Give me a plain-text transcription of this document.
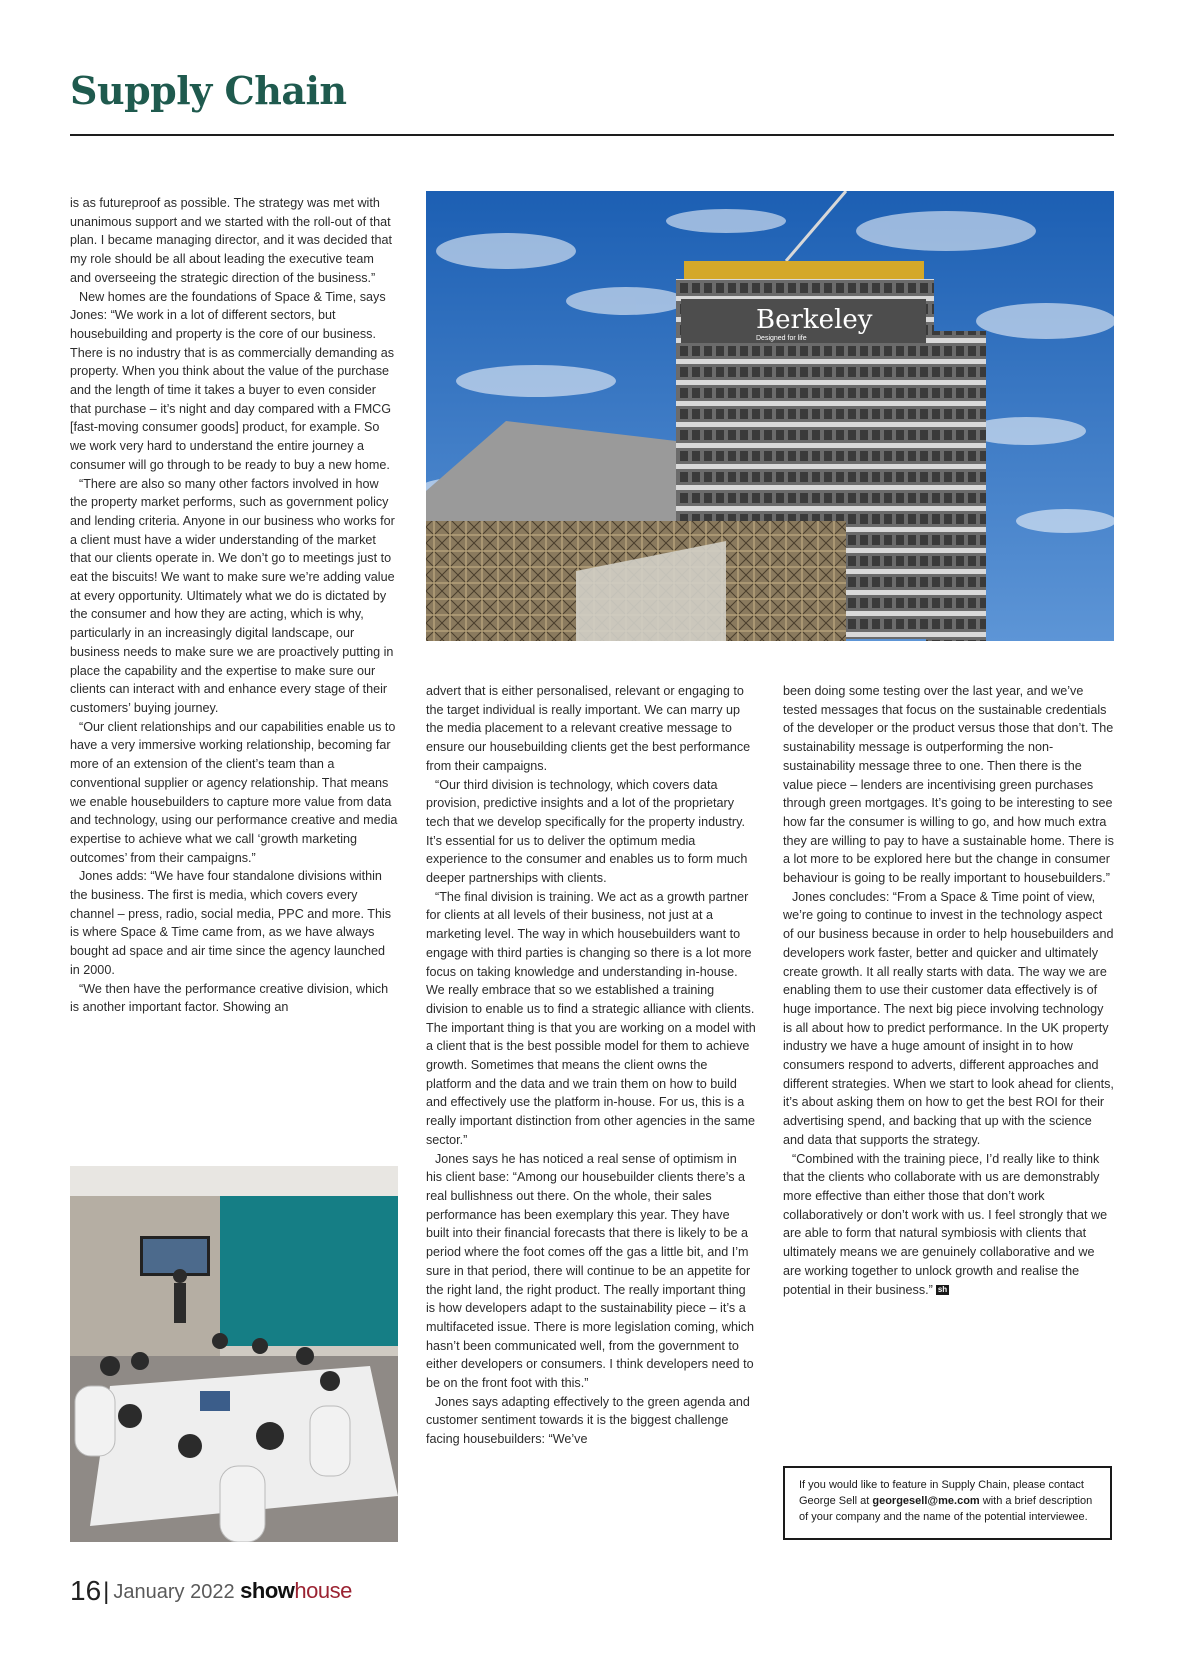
Supply Chain

is as futureproof as possible. The strategy was met with unanimous support and we started with the roll-out of that plan. I became managing director, and it was decided that my role should be all about leading the executive team and overseeing the strategic direction of the business.”

New homes are the foundations of Space & Time, says Jones: “We work in a lot of different sectors, but housebuilding and property is the core of our business. There is no industry that is as commercially demanding as property. When you think about the value of the purchase and the length of time it takes a buyer to even consider that purchase – it’s night and day compared with a FMCG [fast-moving consumer goods] product, for example. So we work very hard to understand the entire journey a consumer will go through to be ready to buy a new home.

“There are also so many other factors involved in how the property market performs, such as government policy and lending criteria. Anyone in our business who works for a client must have a wider understanding of the market that our clients operate in. We don’t go to meetings just to eat the biscuits! We want to make sure we’re adding value at every opportunity. Ultimately what we do is dictated by the consumer and how they are acting, which is why, particularly in an increasingly digital landscape, our business needs to make sure we are proactively putting in place the capability and the expertise to make sure our clients can interact with and enhance every stage of their customers’ buying journey.

“Our client relationships and our capabilities enable us to have a very immersive working relationship, becoming far more of an extension of the client’s team than a conventional supplier or agency relationship. That means we enable housebuilders to capture more value from data and technology, using our performance creative and media expertise to achieve what we call ‘growth marketing outcomes’ from their campaigns.”

Jones adds: “We have four standalone divisions within the business. The first is media, which covers every channel – press, radio, social media, PPC and more. This is where Space & Time came from, as we have always bought ad space and air time since the agency launched in 2000.

“We then have the performance creative division, which is another important factor. Showing an

Berkeley
Designed for life

advert that is either personalised, relevant or engaging to the target individual is really important. We can marry up the media placement to a relevant creative message to ensure our housebuilding clients get the best performance from their campaigns.

“Our third division is technology, which covers data provision, predictive insights and a lot of the proprietary tech that we develop specifically for the property industry. It’s essential for us to deliver the optimum media experience to the consumer and enables us to form much deeper partnerships with clients.

“The final division is training. We act as a growth partner for clients at all levels of their business, not just at a marketing level. The way in which housebuilders want to engage with third parties is changing so there is a lot more focus on taking knowledge and understanding in-house. We really embrace that so we established a training division to enable us to find a strategic alliance with clients. The important thing is that you are working on a model with a client that is the best possible model for them to achieve growth. Sometimes that means the client owns the platform and the data and we train them on how to build and effectively use the platform in-house. For us, this is a really important distinction from other agencies in the same sector.”

Jones says he has noticed a real sense of optimism in his client base: “Among our housebuilder clients there’s a real bullishness out there. On the whole, their sales performance has been exemplary this year. They have built into their financial forecasts that there is likely to be a period where the foot comes off the gas a little bit, and I’m sure in that period, there will continue to be an appetite for the right land, the right product. The really important thing is how developers adapt to the sustainability piece – it’s a multifaceted issue. There is more legislation coming, which hasn’t been communicated well, from the government to either developers or consumers. I think developers need to be on the front foot with this.”

Jones says adapting effectively to the green agenda and customer sentiment towards it is the biggest challenge facing housebuilders: “We’ve

been doing some testing over the last year, and we’ve tested messages that focus on the sustainable credentials of the developer or the product versus those that don’t. The sustainability message is outperforming the non-sustainability message three to one. Then there is the value piece – lenders are incentivising green purchases through green mortgages. It’s going to be interesting to see how far the consumer is willing to go, and how much extra they are willing to pay to have a sustainable home. There is a lot more to be explored here but the change in consumer behaviour is going to be really important to housebuilders.”

Jones concludes: “From a Space & Time point of view, we’re going to continue to invest in the technology aspect of our business because in order to help housebuilders and developers work faster, better and quicker and ultimately create growth. It all really starts with data. The way we are enabling them to use their customer data effectively is of huge importance. The next big piece involving technology is all about how to predict performance. In the UK property industry we have a huge amount of insight in to how consumers respond to adverts, different approaches and different strategies. When we start to look ahead for clients, it’s about asking them on how to get the best ROI for their advertising spend, and backing that up with the science and data that supports the strategy.

“Combined with the training piece, I’d really like to think that the clients who collaborate with us are demonstrably more effective than either those that don’t work collaboratively or don’t work with us. I feel strongly that we are able to form that natural symbiosis with clients that ultimately means we are genuinely collaborative and we are working together to unlock growth and realise the potential in their business.” sh

If you would like to feature in Supply Chain, please contact
George Sell at georgesell@me.com with a brief description
of your company and the name of the potential interviewee.
16| January 2022 showhouse
